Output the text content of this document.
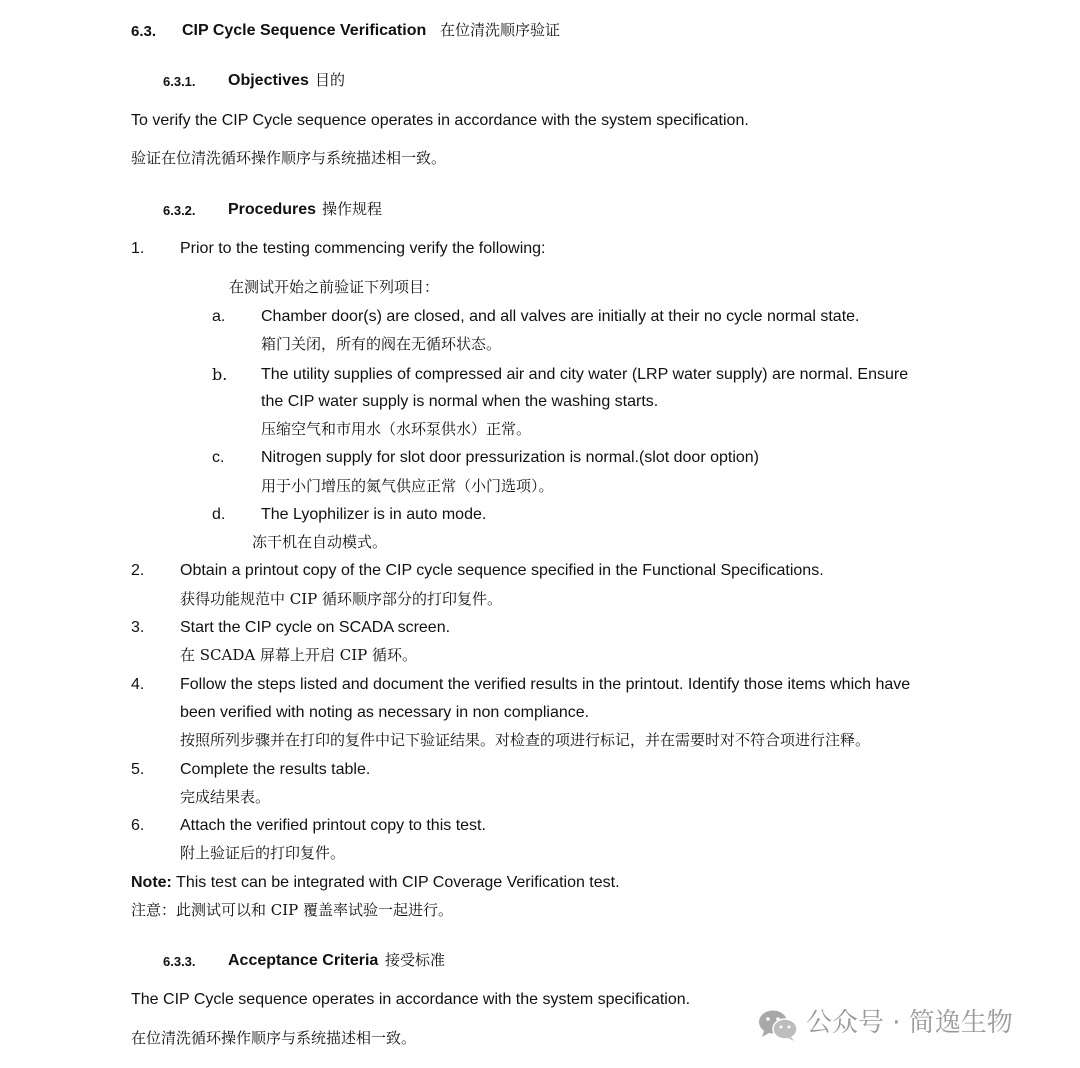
6.3. CIP Cycle Sequence Verification 在位清洗顺序验证
6.3.1. Objectives 目的
To verify the CIP Cycle sequence operates in accordance with the system specification.
验证在位清洗循环操作顺序与系统描述相一致。
6.3.2. Procedures 操作规程
1. Prior to the testing commencing verify the following:
在测试开始之前验证下列项目：
a. Chamber door(s) are closed, and all valves are initially at their no cycle normal state.
箱门关闭，所有的阀在无循环状态。
b. The utility supplies of compressed air and city water (LRP water supply) are normal. Ensure
the CIP water supply is normal when the washing starts.
压缩空气和市用水（水环泵供水）正常。
c. Nitrogen supply for slot door pressurization is normal.(slot door option)
用于小门增压的氮气供应正常（小门选项）。
d. The Lyophilizer is in auto mode.
冻干机在自动模式。
2. Obtain a printout copy of the CIP cycle sequence specified in the Functional Specifications.
获得功能规范中 CIP 循环顺序部分的打印复件。
3. Start the CIP cycle on SCADA screen.
在 SCADA 屏幕上开启 CIP 循环。
4. Follow the steps listed and document the verified results in the printout. Identify those items which have
been verified with noting as necessary in non compliance.
按照所列步骤并在打印的复件中记下验证结果。对检查的项进行标记，并在需要时对不符合项进行注释。
5. Complete the results table.
完成结果表。
6. Attach the verified printout copy to this test.
附上验证后的打印复件。
Note: This test can be integrated with CIP Coverage Verification test.
注意：此测试可以和 CIP 覆盖率试验一起进行。
6.3.3. Acceptance Criteria 接受标准
The CIP Cycle sequence operates in accordance with the system specification.
在位清洗循环操作顺序与系统描述相一致。	公众号 · 简逸生物
